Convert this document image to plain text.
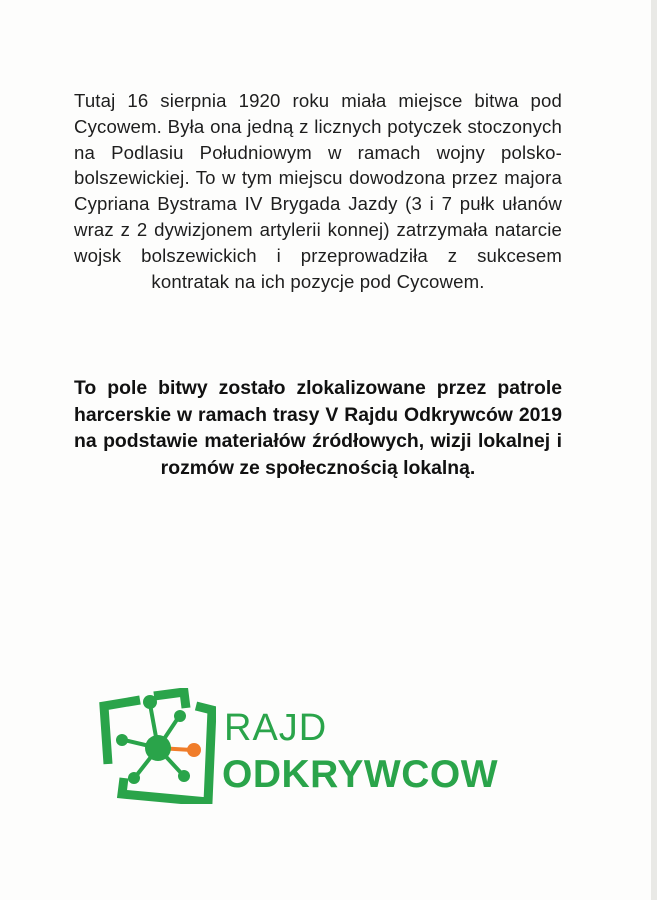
Tutaj 16 sierpnia 1920 roku miała miejsce bitwa pod Cycowem. Była ona jedną z licznych potyczek stoczonych na Podlasiu Południowym w ramach wojny polsko-bolszewickiej. To w tym miejscu dowodzona przez majora Cypriana Bystrama IV Brygada Jazdy (3 i 7 pułk ułanów wraz z 2 dywizjonem artylerii konnej) zatrzymała natarcie wojsk bolszewickich i przeprowadziła z sukcesem kontratak na ich pozycje pod Cycowem.

To pole bitwy zostało zlokalizowane przez patrole harcerskie w ramach trasy V Rajdu Odkrywców 2019 na podstawie materiałów źródłowych, wizji lokalnej i rozmów ze społecznością lokalną.

RAJD
ODKRYWCOW
